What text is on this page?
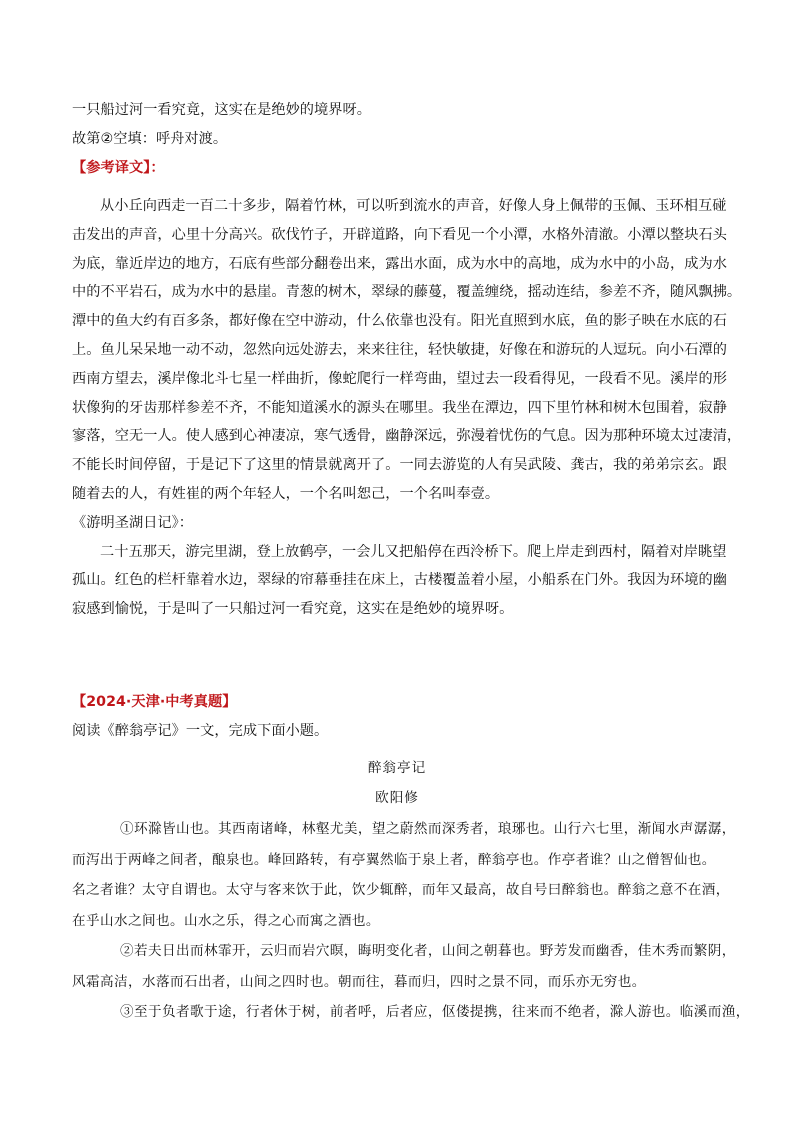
一只船过河一看究竟，这实在是绝妙的境界呀。
故第②空填：呼舟对渡。
【参考译文】：
从小丘向西走一百二十多步，隔着竹林，可以听到流水的声音，好像人身上佩带的玉佩、玉环相互碰
击发出的声音，心里十分高兴。砍伐竹子，开辟道路，向下看见一个小潭，水格外清澈。小潭以整块石头
为底，靠近岸边的地方，石底有些部分翻卷出来，露出水面，成为水中的高地，成为水中的小岛，成为水
中的不平岩石，成为水中的悬崖。青葱的树木，翠绿的藤蔓，覆盖缠绕，摇动连结，参差不齐，随风飘拂。
潭中的鱼大约有百多条，都好像在空中游动，什么依靠也没有。阳光直照到水底，鱼的影子映在水底的石
上。鱼儿呆呆地一动不动，忽然向远处游去，来来往往，轻快敏捷，好像在和游玩的人逗玩。向小石潭的
西南方望去，溪岸像北斗七星一样曲折，像蛇爬行一样弯曲，望过去一段看得见，一段看不见。溪岸的形
状像狗的牙齿那样参差不齐，不能知道溪水的源头在哪里。我坐在潭边，四下里竹林和树木包围着，寂静
寥落，空无一人。使人感到心神凄凉，寒气透骨，幽静深远，弥漫着忧伤的气息。因为那种环境太过凄清，
不能长时间停留，于是记下了这里的情景就离开了。一同去游览的人有吴武陵、龚古，我的弟弟宗玄。跟
随着去的人，有姓崔的两个年轻人，一个名叫恕己，一个名叫奉壹。
《游明圣湖日记》：
二十五那天，游完里湖，登上放鹤亭，一会儿又把船停在西泠桥下。爬上岸走到西村，隔着对岸眺望
孤山。红色的栏杆靠着水边，翠绿的帘幕垂挂在床上，古楼覆盖着小屋，小船系在门外。我因为环境的幽
寂感到愉悦，于是叫了一只船过河一看究竟，这实在是绝妙的境界呀。
【2024·天津·中考真题】
阅读《醉翁亭记》一文，完成下面小题。
醉翁亭记
欧阳修
①环滁皆山也。其西南诸峰，林壑尤美，望之蔚然而深秀者，琅琊也。山行六七里，渐闻水声潺潺，
而泻出于两峰之间者，酿泉也。峰回路转，有亭翼然临于泉上者，醉翁亭也。作亭者谁？山之僧智仙也。
名之者谁？太守自谓也。太守与客来饮于此，饮少辄醉，而年又最高，故自号曰醉翁也。醉翁之意不在酒，
在乎山水之间也。山水之乐，得之心而寓之酒也。
②若夫日出而林霏开，云归而岩穴暝，晦明变化者，山间之朝暮也。野芳发而幽香，佳木秀而繁阴，
风霜高洁，水落而石出者，山间之四时也。朝而往，暮而归，四时之景不同，而乐亦无穷也。
③至于负者歌于途，行者休于树，前者呼，后者应，伛偻提携，往来而不绝者，滁人游也。临溪而渔，
